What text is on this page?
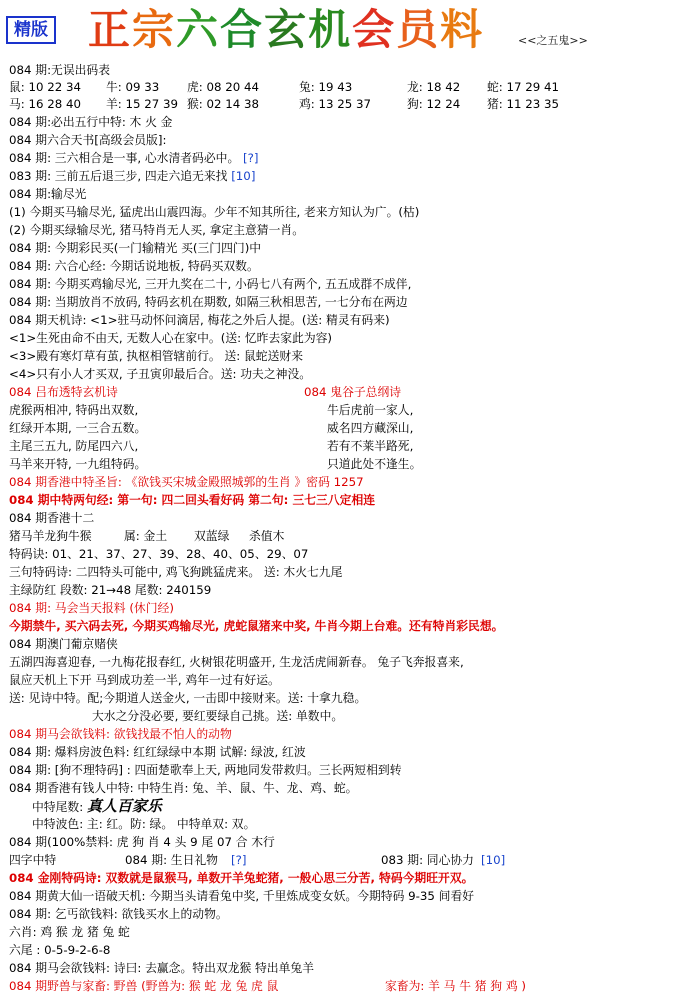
精版 正宗六合玄机会员料	<<之五鬼>>
084 期:无误出码表
鼠: 10 22 34 牛: 09 33 虎: 08 20 44	兔: 19 43	龙: 18 42 蛇: 17 29 41
马: 16 28 40 羊: 15 27 39 猴: 02 14 38	鸡: 13 25 37	狗: 12 24 猪: 11 23 35
084 期:必出五行中特: 木 火 金
084 期六合天书[高级会员版]:
084 期: 三六相合是一事, 心水清者码必中。 [?]
083 期: 三前五后退三步, 四走六追无来找 [10]
084 期:输尽光
(1) 今期买马输尽光, 猛虎出山震四海。少年不知其所往, 老来方知认为广。(枯)
(2) 今期买绿输尽光, 猪马特肖无人买, 拿定主意猜一肖。
084 期: 今期彩民买(一门输精光 买(三门四门)中
084 期: 六合心经: 今期话说地板, 特码买双数。
084 期: 今期买鸡输尽光, 三开九奖在二十, 小码七八有两个, 五五成群不成伴,
084 期: 当期放肖不放码, 特码玄机在期数, 如隔三秋相思苦, 一七分布在两边
084 期天机诗: <1>驻马动怀问滴居, 梅花之外后人提。(送: 精灵有码来)
<1>生死由命不由天, 无数人心在家中。(送: 忆昨去家此为容)
<3>殿有寒灯草有茧, 执枢相管辖前行。 送: 鼠蛇送财来
<4>只有小人才买双, 子丑寅卯最后合。送: 功夫之神没。
084 吕布透特玄机诗	084 鬼谷子总纲诗
虎猴两相冲, 特码出双数,	牛后虎前一家人,
红绿开本期, 一三合五数。	威名四方藏深山,
主尾三五九, 防尾四六八,	若有不莱半路死,
马羊来开特, 一九组特码。	只道此处不逢生。
084 期香港中特圣旨: 《欲钱买宋城金殿照城郭的生肖 》密码 1257
084 期中特两句经: 第一句: 四二回头看好码 第二句: 三七三八定相连
084 期香港十二
猪马羊龙狗牛猴	属: 金土 双蓝绿 杀值木
特码诀: 01、21、37、27、39、28、40、05、29、07
三句特码诗: 二四特头可能中, 鸡飞狗跳猛虎来。 送: 木火七九尾
主绿防红 段数: 21→48 尾数: 240159
084 期: 马会当天报料 (休门经)
今期禁牛, 买六码去死, 今期买鸡输尽光, 虎蛇鼠猪来中奖, 牛肖今期上台难。还有特肖彩民想。
084 期澳门葡京赌侠
五湖四海喜迎春, 一九梅花报春红, 火树银花明盛开, 生龙活虎闹新春。 兔子飞奔报喜来,
鼠应天机上下开 马到成功差一半, 鸡年一过有好运。
送: 见诗中特。配;今期道人送金火, 一击即中接财来。送: 十拿九稳。
大水之分没必要, 要红要绿自己挑。送: 单数中。
084 期马会欲钱料: 欲钱找最不怕人的动物
084 期: 爆料房波色料: 红红绿绿中本期 试解: 绿波, 红波
084 期: [狗不理特码] : 四面楚歌奉上天, 两地同发带救归。三长两短相到转
084 期香港有钱人中特: 中特生肖: 兔、羊、鼠、牛、龙、鸡、蛇。
中特尾数: 真人百家乐
中特波色: 主: 红。防: 绿。 中特单双: 双。
084 期(100%禁料: 虎 狗 肖 4 头 9 尾 07 合 木行
四字中特	084 期: 生日礼物 [?]	083 期: 同心协力 [10]
084 金刚特码诗: 双数就是鼠猴马, 单数开羊兔蛇猪, 一般心思三分苦, 特码今期旺开双。
084 期黄大仙一语破天机: 今期当头请看兔中奖, 千里炼成变女妖。今期特码 9-35 间看好
084 期: 乞丐欲钱料: 欲钱买水上的动物。
六肖: 鸡 猴 龙 猪 兔 蛇
六尾 : 0-5-9-2-6-8
084 期马会欲钱料: 诗曰: 去赢念。特出双龙猴 特出单兔羊
084 期野兽与家畜: 野兽 (野兽为: 猴 蛇 龙 兔 虎 鼠	家畜为: 羊 马 牛 猪 狗 鸡 )
